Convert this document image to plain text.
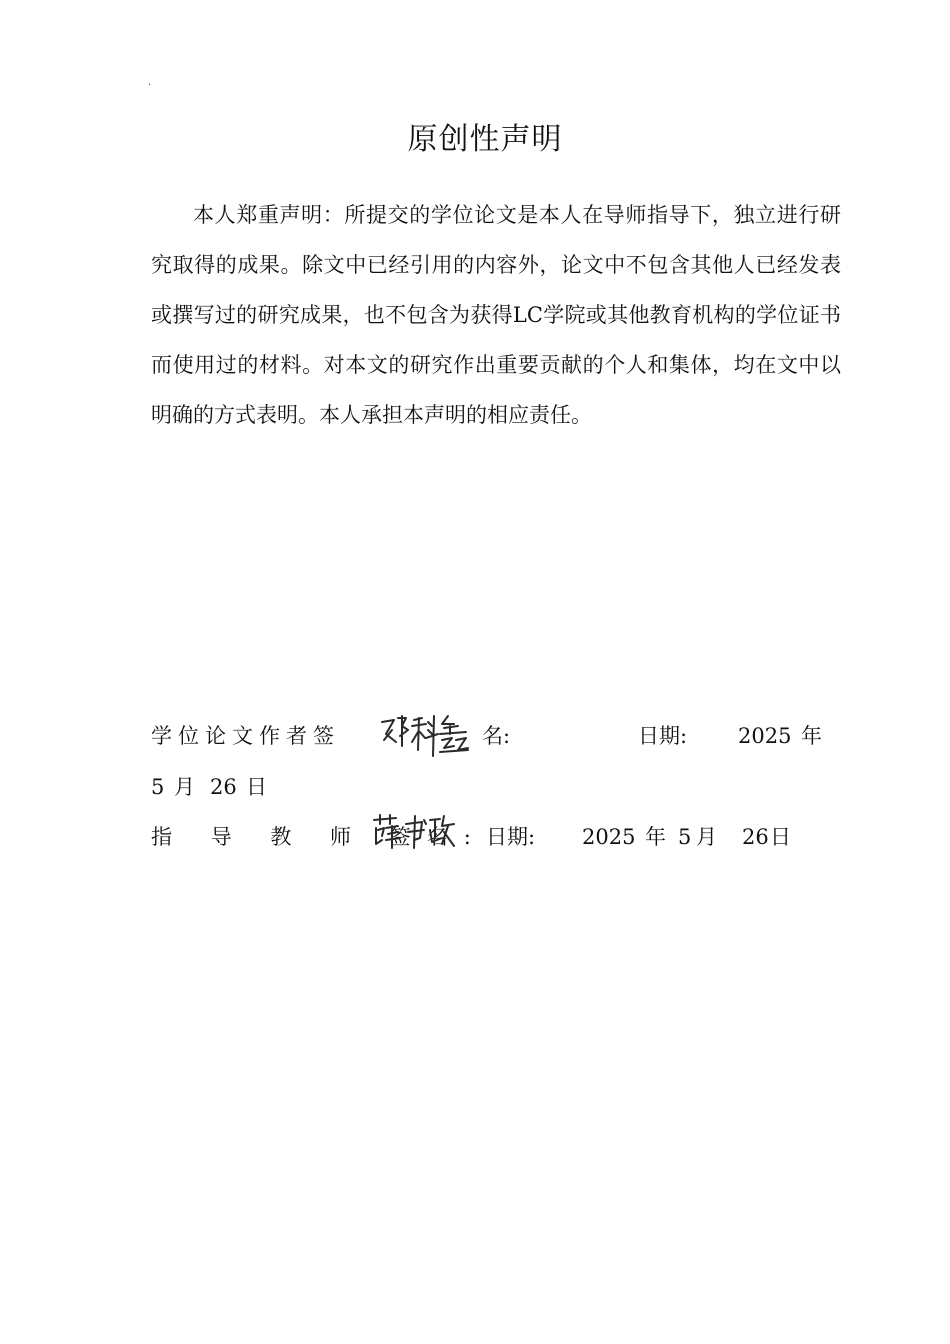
.
原创性声明
本人郑重声明：所提交的学位论文是本人在导师指导下，独立进行研究取得的成果。除文中已经引用的内容外，论文中不包含其他人已经发表或撰写过的研究成果，也不包含为获得LC学院或其他教育机构的学位证书而使用过的材料。对本文的研究作出重要贡献的个人和集体，均在文中以明确的方式表明。本人承担本声明的相应责任。
学位论文作者签	名:	日期: 2025 年
5 月 26 日
指 导 教 师 签名: 日期: 2025 年 5 月 26 日
